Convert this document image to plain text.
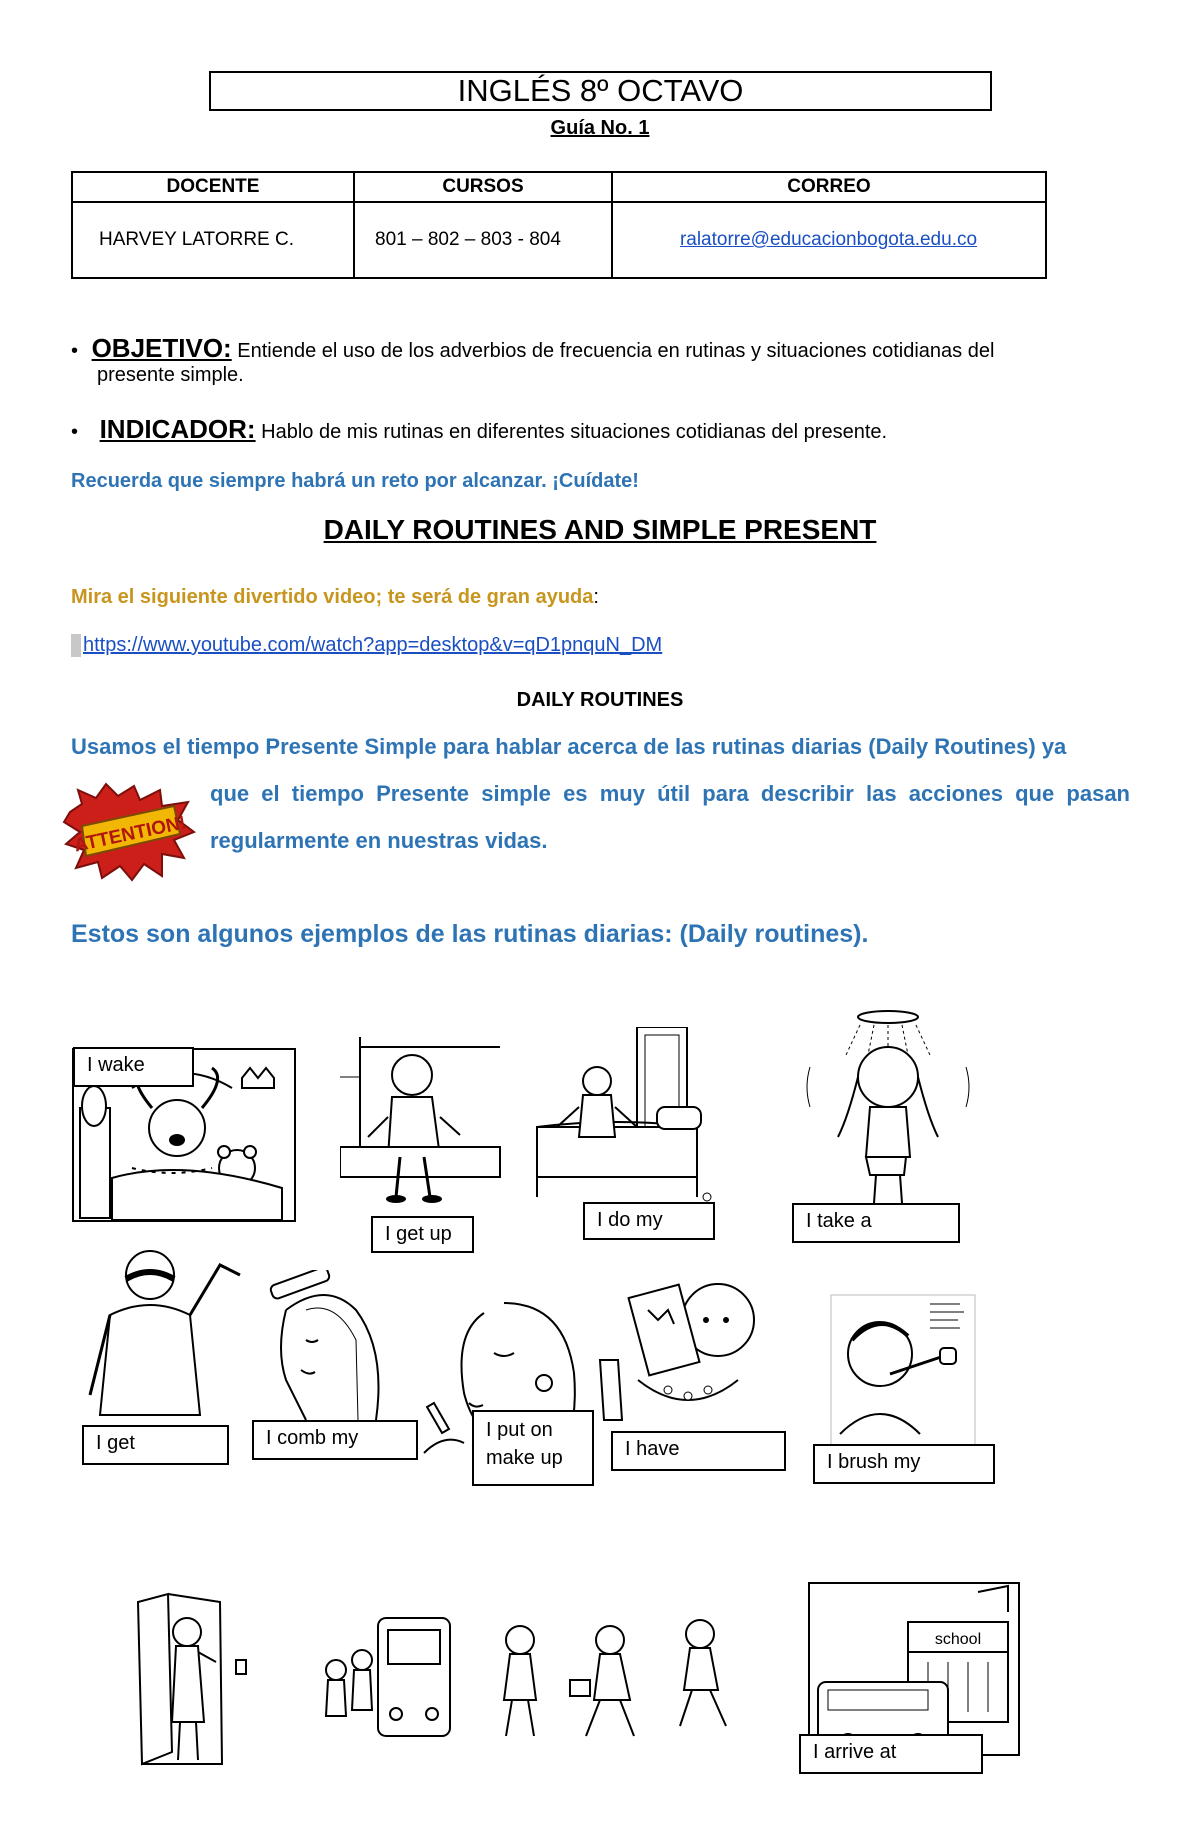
INGLÉS 8º OCTAVO
Guía No. 1
DOCENTE	CURSOS	CORREO
HARVEY LATORRE C.	801 – 802 – 803 - 804	ralatorre@educacionbogota.edu.co
• OBJETIVO: Entiende el uso de los adverbios de frecuencia en rutinas y situaciones cotidianas del
presente simple.
• INDICADOR: Hablo de mis rutinas en diferentes situaciones cotidianas del presente.
Recuerda que siempre habrá un reto por alcanzar. ¡Cuídate!
DAILY ROUTINES AND SIMPLE PRESENT
Mira el siguiente divertido video; te será de gran ayuda:
https://www.youtube.com/watch?app=desktop&v=qD1pnquN_DM
DAILY ROUTINES
Usamos el tiempo Presente Simple para hablar acerca de las rutinas diarias (Daily Routines) ya
que el tiempo Presente simple es muy útil para describir las acciones que pasan
regularmente en nuestras vidas.
ATTENTION!
Estos son algunos ejemplos de las rutinas diarias: (Daily routines).
I wake
I get up
I do my	I take a
I get	I comb my	I put on
make up	I have
I brush my
school
I arrive at
